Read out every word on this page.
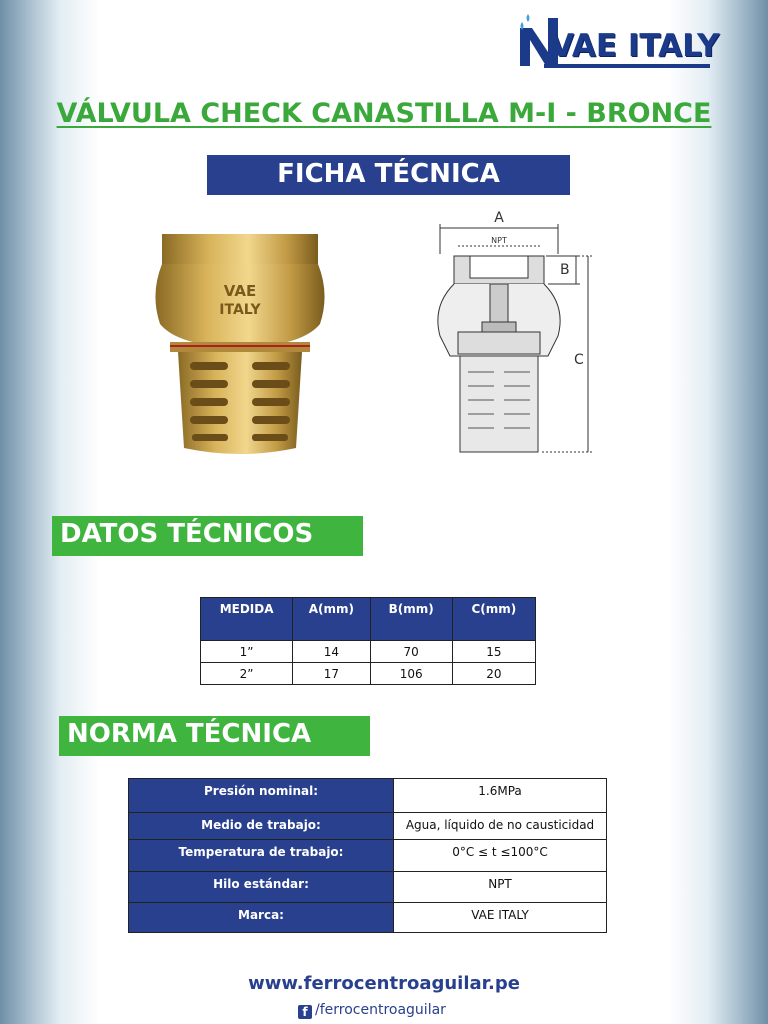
VAE ITALY
VÁLVULA CHECK CANASTILLA M-I - BRONCE
FICHA TÉCNICA
VAE
ITALY
A
NPT
B
C
DATOS TÉCNICOS
MEDIDA	A(mm)	B(mm)	C(mm)
1”	14	70	15
2”	17	106	20
NORMA TÉCNICA
Presión nominal:	1.6MPa
Medio de trabajo:	Agua, líquido de no causticidad
Temperatura de trabajo:	0°C ≤ t ≤100°C
Hilo estándar:	NPT
Marca:	VAE ITALY
www.ferrocentroaguilar.pe
f /ferrocentroaguilar
